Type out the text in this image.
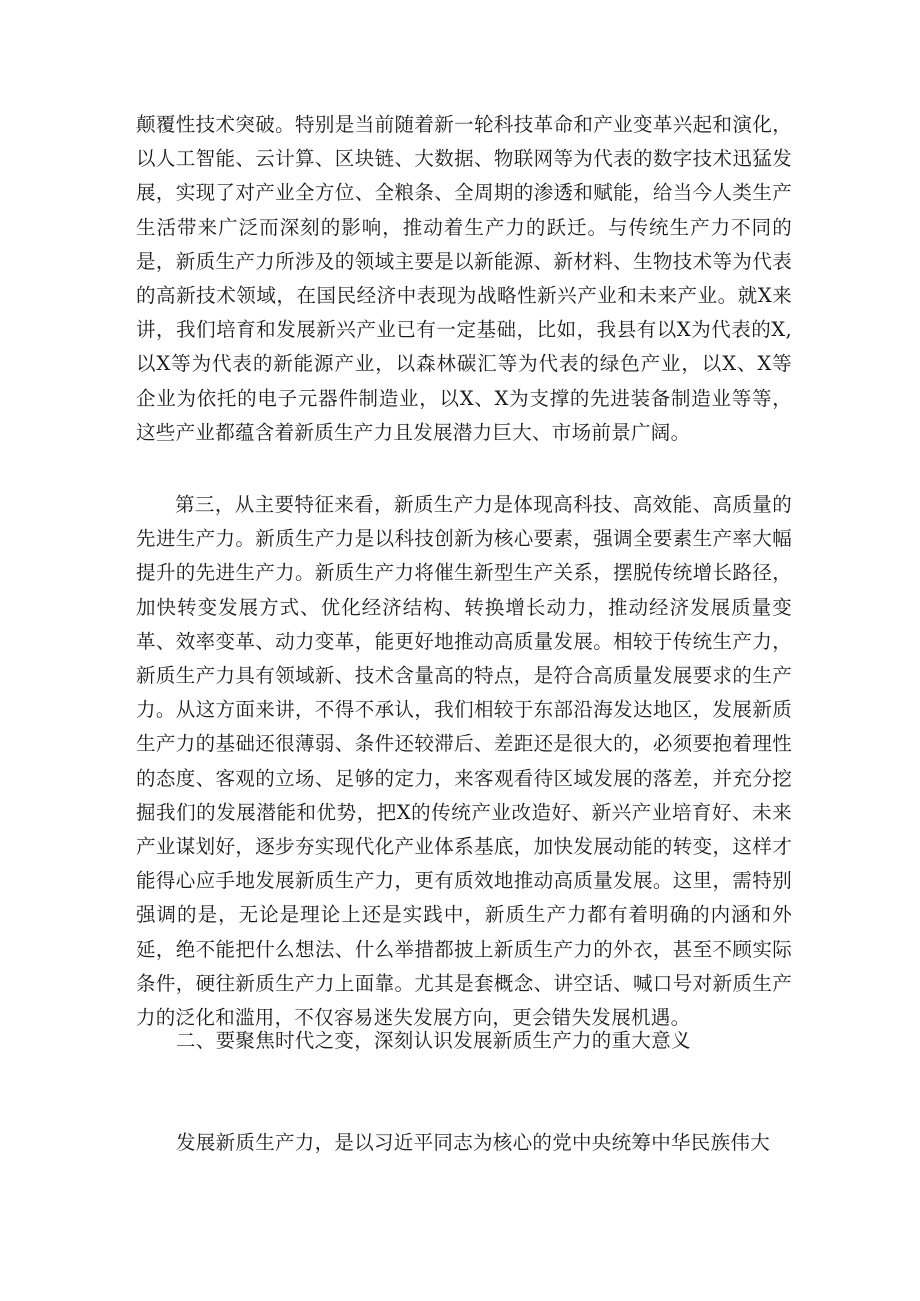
颠覆性技术突破。特别是当前随着新一轮科技革命和产业变革兴起和演化，以人工智能、云计算、区块链、大数据、物联网等为代表的数字技术迅猛发展，实现了对产业全方位、全粮条、全周期的渗透和赋能，给当今人类生产生活带来广泛而深刻的影响，推动着生产力的跃迁。与传统生产力不同的是，新质生产力所涉及的领域主要是以新能源、新材料、生物技术等为代表的高新技术领域，在国民经济中表现为战略性新兴产业和未来产业。就X来讲，我们培育和发展新兴产业已有一定基础，比如，我县有以X为代表的X,以X等为代表的新能源产业，以森林碳汇等为代表的绿色产业，以X、X等企业为依托的电子元器件制造业，以X、X为支撑的先进装备制造业等等，这些产业都蕴含着新质生产力且发展潜力巨大、市场前景广阔。
第三，从主要特征来看，新质生产力是体现高科技、高效能、高质量的先进生产力。新质生产力是以科技创新为核心要素，强调全要素生产率大幅提升的先进生产力。新质生产力将催生新型生产关系，摆脱传统增长路径，加快转变发展方式、优化经济结构、转换增长动力，推动经济发展质量变革、效率变革、动力变革，能更好地推动高质量发展。相较于传统生产力，新质生产力具有领域新、技术含量高的特点，是符合高质量发展要求的生产力。从这方面来讲，不得不承认，我们相较于东部沿海发达地区，发展新质生产力的基础还很薄弱、条件还较滞后、差距还是很大的，必须要抱着理性的态度、客观的立场、足够的定力，来客观看待区域发展的落差，并充分挖掘我们的发展潜能和优势，把X的传统产业改造好、新兴产业培育好、未来产业谋划好，逐步夯实现代化产业体系基底，加快发展动能的转变，这样才能得心应手地发展新质生产力，更有质效地推动高质量发展。这里，需特别强调的是，无论是理论上还是实践中，新质生产力都有着明确的内涵和外延，绝不能把什么想法、什么举措都披上新质生产力的外衣，甚至不顾实际条件，硬往新质生产力上面靠。尤其是套概念、讲空话、喊口号对新质生产力的泛化和滥用，不仅容易迷失发展方向，更会错失发展机遇。
二、要聚焦时代之变，深刻认识发展新质生产力的重大意义
发展新质生产力，是以习近平同志为核心的党中央统筹中华民族伟大
